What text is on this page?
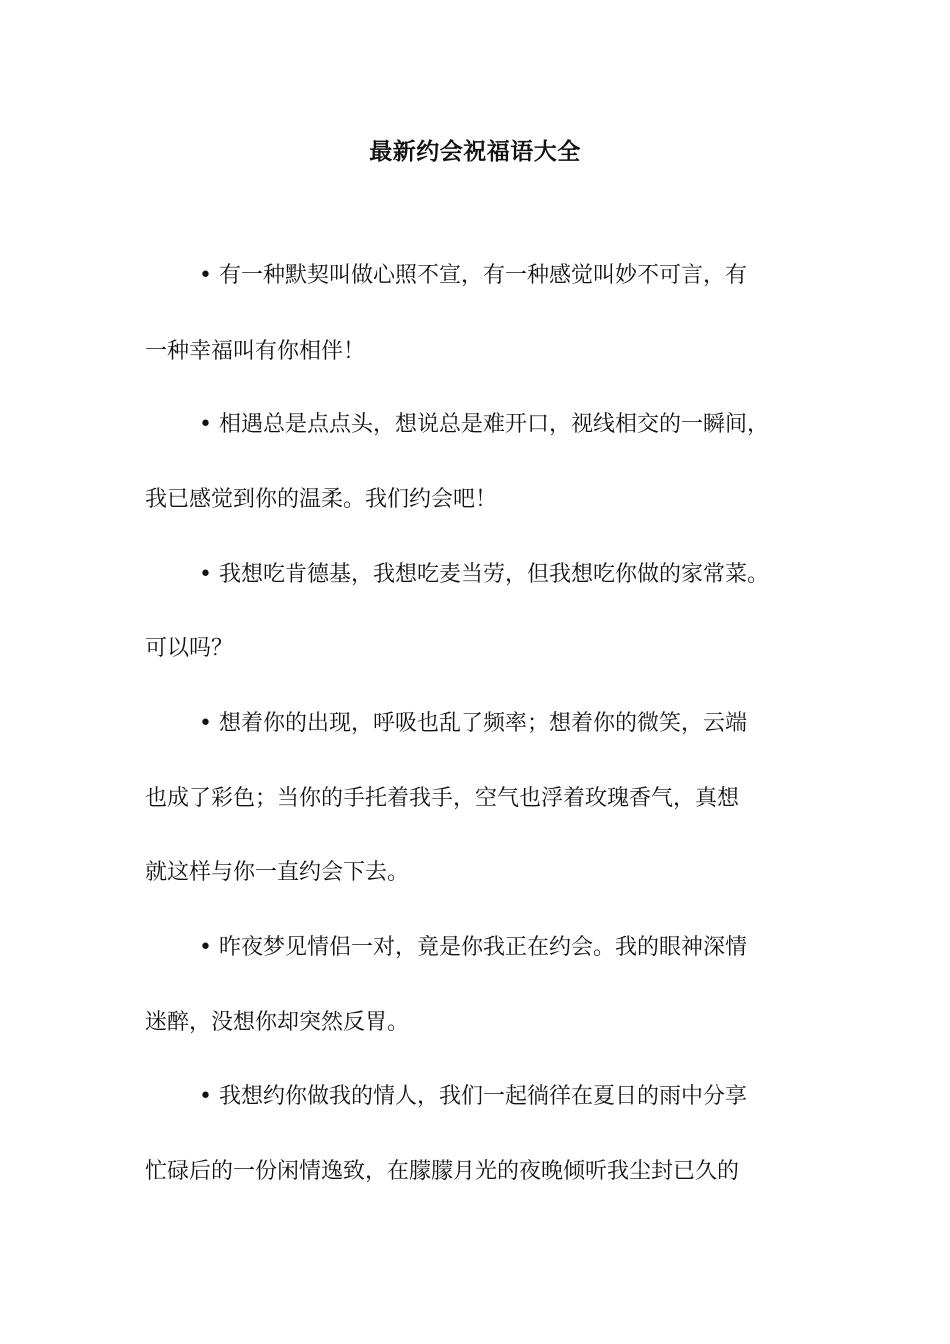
最新约会祝福语大全
• 有一种默契叫做心照不宣，有一种感觉叫妙不可言，有
一种幸福叫有你相伴！
• 相遇总是点点头，想说总是难开口，视线相交的一瞬间，
我已感觉到你的温柔。我们约会吧！
• 我想吃肯德基，我想吃麦当劳，但我想吃你做的家常菜。
可以吗？
• 想着你的出现，呼吸也乱了频率；想着你的微笑，云端
也成了彩色；当你的手托着我手，空气也浮着玫瑰香气，真想
就这样与你一直约会下去。
• 昨夜梦见情侣一对，竟是你我正在约会。我的眼神深情
迷醉，没想你却突然反胃。
• 我想约你做我的情人，我们一起徜徉在夏日的雨中分享
忙碌后的一份闲情逸致，在朦朦月光的夜晚倾听我尘封已久的
